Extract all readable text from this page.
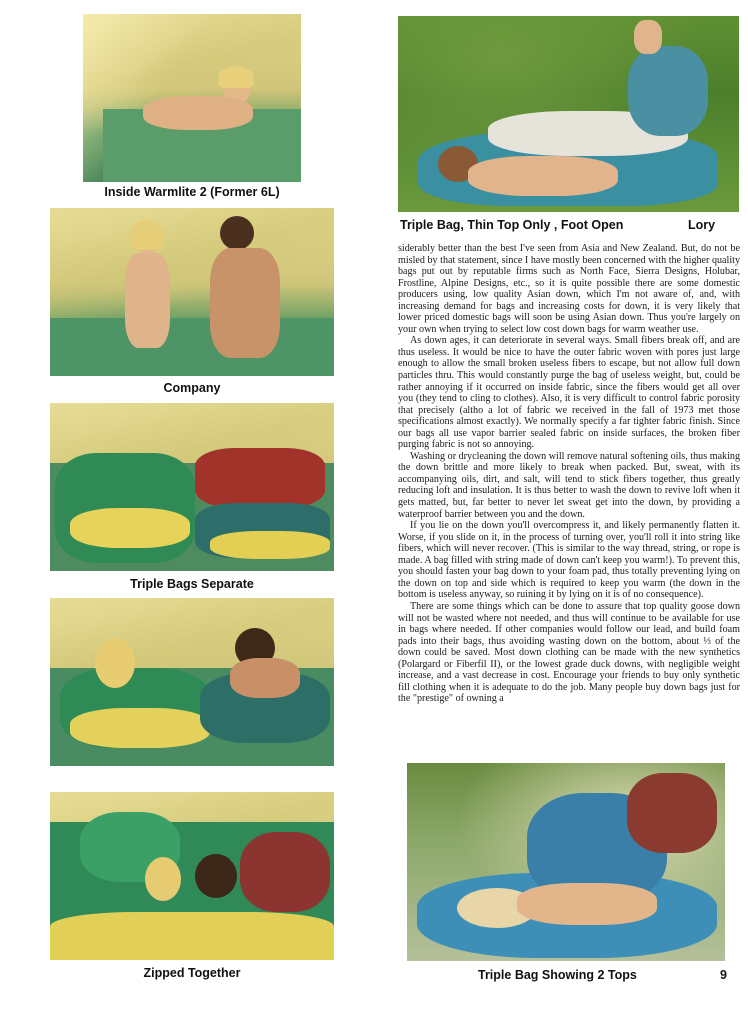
Inside Warmlite 2 (Former 6L)
Company
Triple Bags Separate
Zipped Together
Triple Bag, Thin Top Only , Foot Open	Lory

siderably better than the best I've seen from Asia and New Zealand. But, do not be misled by that statement, since I have mostly been concerned with the higher quality bags put out by reputable firms such as North Face, Sierra Designs, Holubar, Frostline, Alpine Designs, etc., so it is quite possible there are some domestic producers using, low quality Asian down, which I'm not aware of, and, with increasing demand for bags and increasing costs for down, it is very likely that lower priced domestic bags will soon be using Asian down. Thus you're largely on your own when trying to select low cost down bags for warm weather use.

As down ages, it can deteriorate in several ways. Small fibers break off, and are thus useless. It would be nice to have the outer fabric woven with pores just large enough to allow the small broken useless fibers to escape, but not allow full down particles thru. This would constantly purge the bag of useless weight, but, could be rather annoying if it occurred on inside fabric, since the fibers would get all over you (they tend to cling to clothes). Also, it is very difficult to control fabric porosity that precisely (altho a lot of fabric we received in the fall of 1973 met those specifications almost exactly). We normally specify a far tighter fabric finish. Since our bags all use vapor barrier sealed fabric on inside surfaces, the broken fiber purging fabric is not so annoying.

Washing or drycleaning the down will remove natural softening oils, thus making the down brittle and more likely to break when packed. But, sweat, with its accompanying oils, dirt, and salt, will tend to stick fibers together, thus greatly reducing loft and insulation. It is thus better to wash the down to revive loft when it gets matted, but, far better to never let sweat get into the down, by providing a waterproof barrier between you and the down.

If you lie on the down you'll overcompress it, and likely permanently flatten it. Worse, if you slide on it, in the process of turning over, you'll roll it into string like fibers, which will never recover. (This is similar to the way thread, string, or rope is made. A bag filled with string made of down can't keep you warm!). To prevent this, you should fasten your bag down to your foam pad, thus totally preventing lying on the down on top and side which is required to keep you warm (the down in the bottom is useless anyway, so ruining it by lying on it is of no consequence).

There are some things which can be done to assure that top quality goose down will not be wasted where not needed, and thus will continue to be available for use in bags where needed. If other companies would follow our lead, and build foam pads into their bags, thus avoiding wasting down on the bottom, about ⅓ of the down could be saved. Most down clothing can be made with the new synthetics (Polargard or Fiberfil II), or the lowest grade duck downs, with negligible weight increase, and a vast decrease in cost. Encourage your friends to buy only synthetic fill clothing when it is adequate to do the job. Many people buy down bags just for the "prestige" of owning a

Triple Bag Showing 2 Tops	9
